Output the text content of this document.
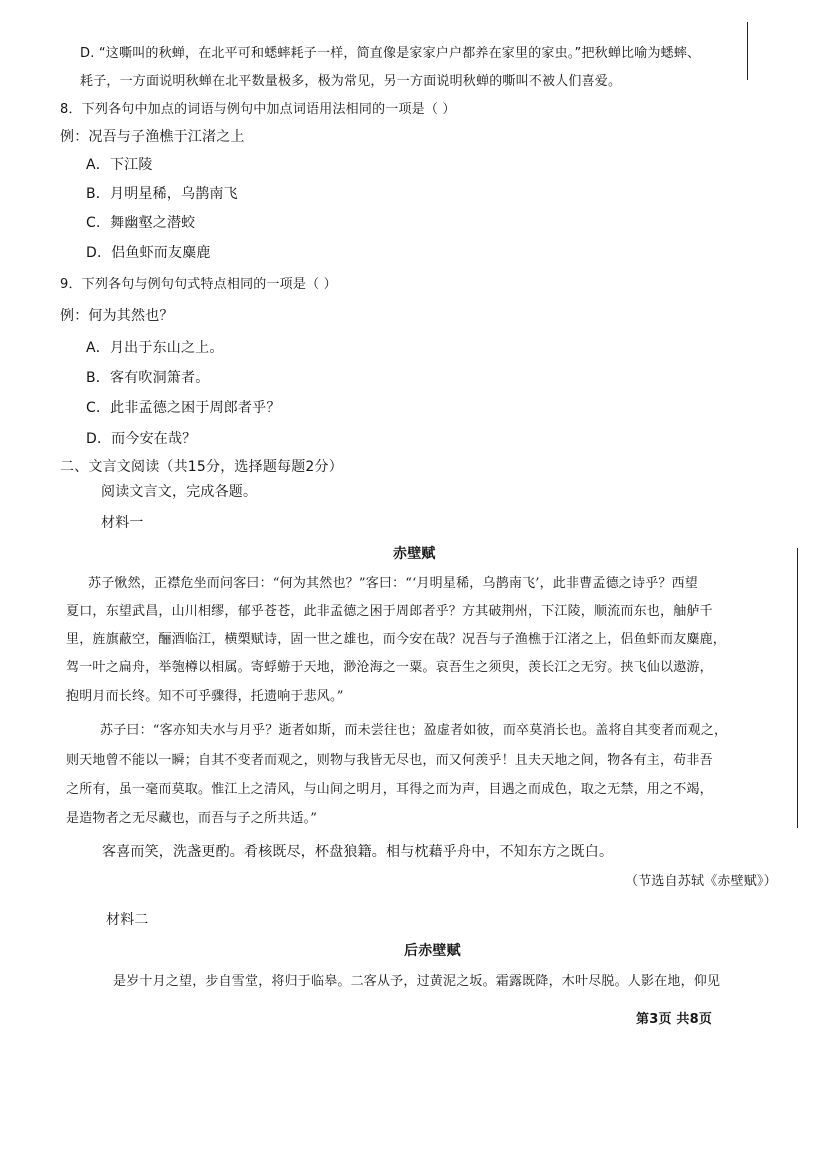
D. “这嘶叫的秋蝉，在北平可和蟋蟀耗子一样，简直像是家家户户都养在家里的家虫。”把秋蝉比喻为蟋蟀、
耗子，一方面说明秋蝉在北平数量极多，极为常见，另一方面说明秋蝉的嘶叫不被人们喜爱。
8．下列各句中加点的词语与例句中加点词语用法相同的一项是（ ）
例：况吾与子渔樵于江渚之上
A．下江陵
B．月明星稀，乌鹊南飞
C．舞幽壑之潜蛟
D．侣鱼虾而友麋鹿
9．下列各句与例句句式特点相同的一项是（ ）
例：何为其然也？
A．月出于东山之上。
B．客有吹洞箫者。
C．此非孟德之困于周郎者乎？
D．而今安在哉？
二、文言文阅读（共15分，选择题每题2分）
阅读文言文，完成各题。
材料一
赤壁赋
苏子愀然，正襟危坐而问客曰：“何为其然也？”客曰：“‘月明星稀，乌鹊南飞’，此非曹孟德之诗乎？西望
夏口，东望武昌，山川相缪，郁乎苍苍，此非孟德之困于周郎者乎？方其破荆州，下江陵，顺流而东也，舳舻千
里，旌旗蔽空，酾酒临江，横槊赋诗，固一世之雄也，而今安在哉？况吾与子渔樵于江渚之上，侣鱼虾而友麋鹿，
驾一叶之扁舟，举匏樽以相属。寄蜉蝣于天地，渺沧海之一粟。哀吾生之须臾，羡长江之无穷。挟飞仙以遨游，
抱明月而长终。知不可乎骤得，托遗响于悲风。”
苏子曰：“客亦知夫水与月乎？逝者如斯，而未尝往也；盈虚者如彼，而卒莫消长也。盖将自其变者而观之，
则天地曾不能以一瞬；自其不变者而观之，则物与我皆无尽也，而又何羡乎！且夫天地之间，物各有主，苟非吾
之所有，虽一毫而莫取。惟江上之清风，与山间之明月，耳得之而为声，目遇之而成色，取之无禁，用之不竭，
是造物者之无尽藏也，而吾与子之所共适。”
客喜而笑，洗盏更酌。肴核既尽，杯盘狼籍。相与枕藉乎舟中，不知东方之既白。
（节选自苏轼《赤壁赋》）
材料二
后赤壁赋
是岁十月之望，步自雪堂，将归于临皋。二客从予，过黄泥之坂。霜露既降，木叶尽脱。人影在地，仰见
第3页 共8页
